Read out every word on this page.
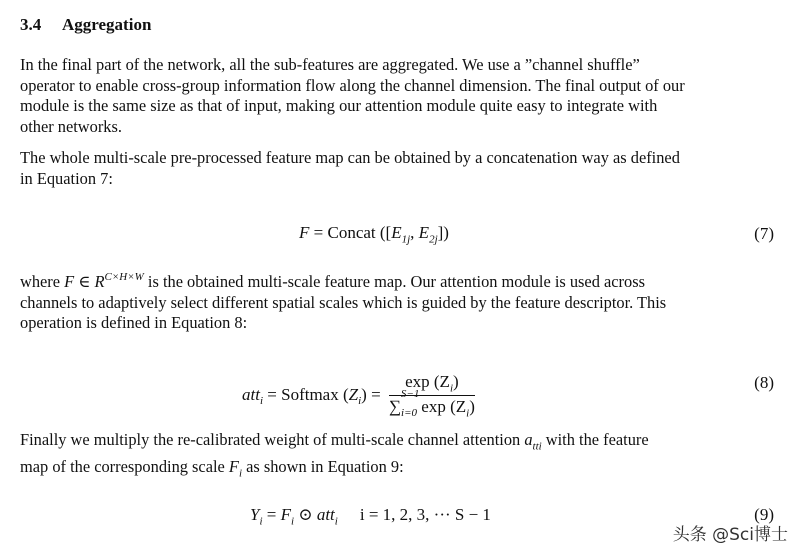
3.4 Aggregation

In the final part of the network, all the sub-features are aggregated. We use a ”channel shuffle”
operator to enable cross-group information flow along the channel dimension. The final output of our
module is the same size as that of input, making our attention module quite easy to integrate with
other networks.

The whole multi-scale pre-processed feature map can be obtained by a concatenation way as defined
in Equation 7:

F = Concat ([$E_{1j}$, $E_{2j}$])	(7)

where F ∈ $R^{C\times H\times W}$ is the obtained multi-scale feature map. Our attention module is used across
channels to adaptively select different spatial scales which is guided by the feature descriptor. This
operation is defined in Equation 8:

att$_i$ = Softmax $(Z_i) = \exp (Z_i)$
∑
S−1
$_{i=0}$ $\exp (Z_i)$	(8)

Finally we multiply the re-calibrated weight of multi-scale channel attention $a_{tti}$ with the feature
map of the corresponding scale $F_i$ as shown in Equation 9:

$Y_i = F_i$ ⊙ att$_i$ i = 1, 2, 3, ··· S − 1	(9)
头条 @Sci博士
